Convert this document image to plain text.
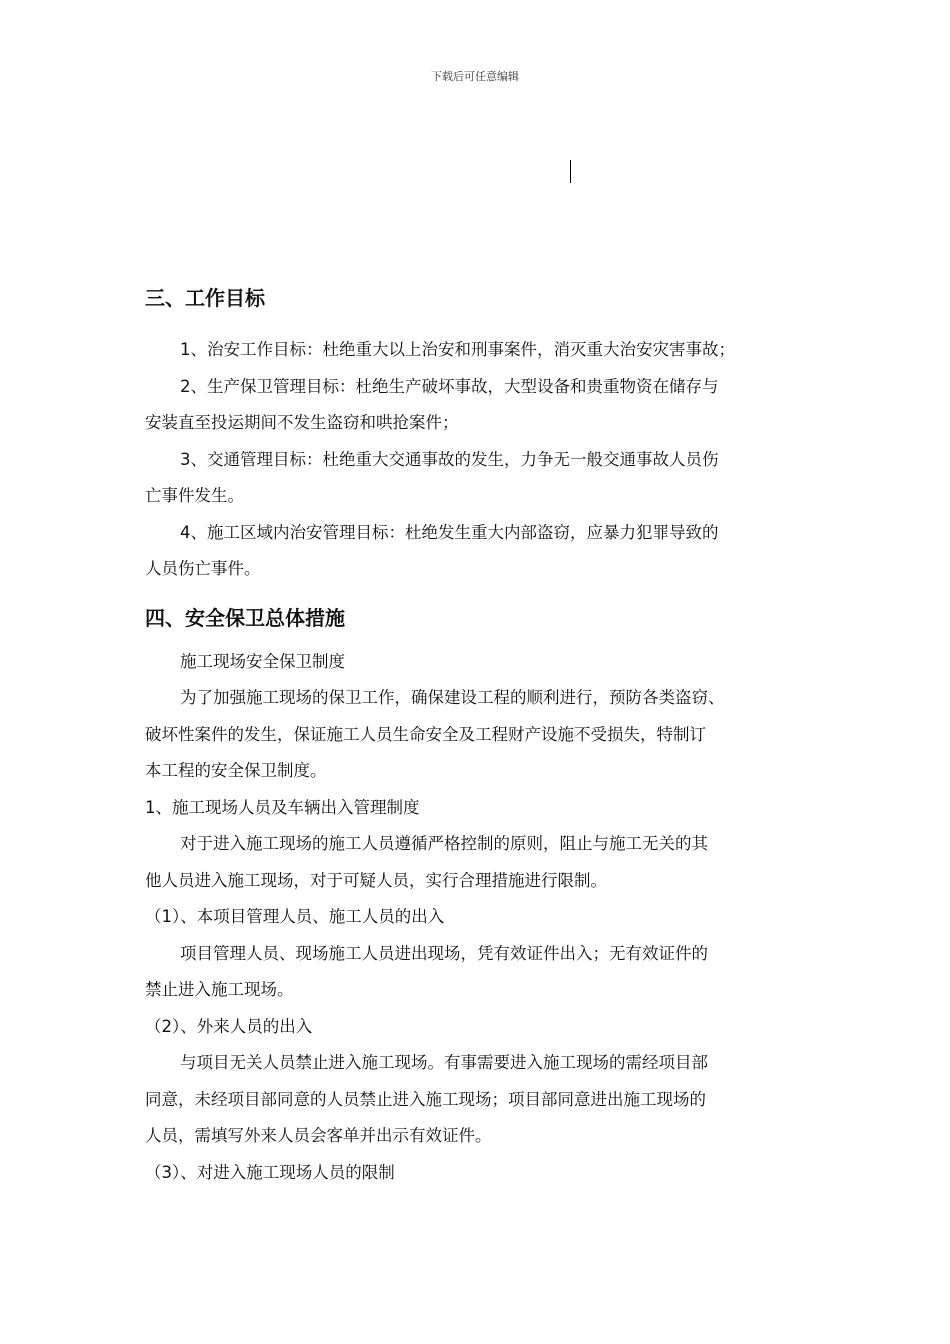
下载后可任意编辑
三、工作目标
1、治安工作目标：杜绝重大以上治安和刑事案件，消灭重大治安灾害事故；
2、生产保卫管理目标：杜绝生产破坏事故，大型设备和贵重物资在储存与
安装直至投运期间不发生盗窃和哄抢案件；
3、交通管理目标：杜绝重大交通事故的发生，力争无一般交通事故人员伤
亡事件发生。
4、施工区域内治安管理目标：杜绝发生重大内部盗窃，应暴力犯罪导致的
人员伤亡事件。
四、安全保卫总体措施
施工现场安全保卫制度
为了加强施工现场的保卫工作，确保建设工程的顺利进行，预防各类盗窃、
破坏性案件的发生，保证施工人员生命安全及工程财产设施不受损失，特制订
本工程的安全保卫制度。
1、施工现场人员及车辆出入管理制度
对于进入施工现场的施工人员遵循严格控制的原则，阻止与施工无关的其
他人员进入施工现场，对于可疑人员，实行合理措施进行限制。
（1）、本项目管理人员、施工人员的出入
项目管理人员、现场施工人员进出现场，凭有效证件出入；无有效证件的
禁止进入施工现场。
（2）、外来人员的出入
与项目无关人员禁止进入施工现场。有事需要进入施工现场的需经项目部
同意，未经项目部同意的人员禁止进入施工现场；项目部同意进出施工现场的
人员，需填写外来人员会客单并出示有效证件。
（3）、对进入施工现场人员的限制
